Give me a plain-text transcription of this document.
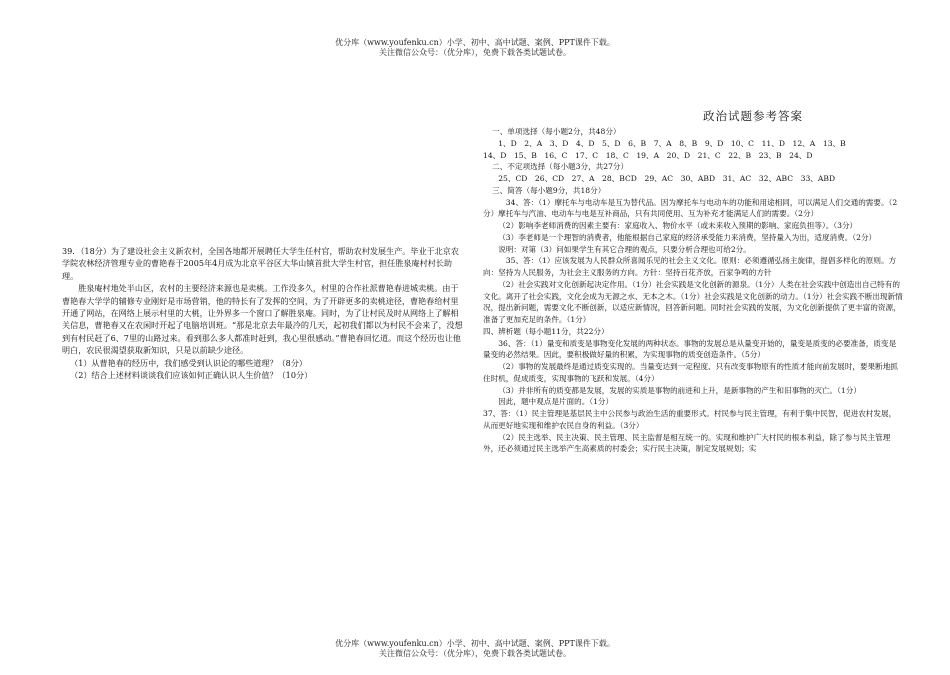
优分库（www.youfenku.cn）小学、初中、高中试题、案例、PPT课件下载。
关注微信公众号：（优分库），免费下载各类试题试卷。

39．（18分）为了建设社会主义新农村，全国各地都开展聘任大学生任村官，帮助农村发展生产。毕业于北京农学院农林经济管理专业的曹艳春于2005年4月成为北京平谷区大华山镇首批大学生村官，担任胜泉庵村村长助理。

胜泉庵村地处半山区，农村的主要经济来源也是卖桃。工作没多久，村里的合作社派曹艳春进城卖桃。由于曹艳春大学学的辅修专业刚好是市场营销，他的特长有了发挥的空间，为了开辟更多的卖桃途径，曹艳春给村里开通了网站，在网络上展示村里的大桃，让外界多一个窗口了解胜泉庵。同时，为了让村民及时从网络上了解相关信息，曹艳春又在农闲时开起了电脑培训班。“那是北京去年最冷的几天，起初我们都以为村民不会来了，没想到有村民赶了6、7里的山路过来。看到那么多人都准时赶到，我心里很感动。”曹艳春回忆道。而这个经历也让他明白，农民很渴望获取新知识，只是以前缺少途径。

（1）从曹艳春的经历中，我们感受到认识论的哪些道理？（8分）

（2）结合上述材料谈谈我们应该如何正确认识人生价值？（10分）

政治试题参考答案

一、单项选择（每小题2分，共48分）

1、D　2、A　3、D　4、D　5、D　6、B　7、A　8、B　9、D　10、C　11、D　12、A　13、B

14、D　15、B　16、C　17、C　18、C　19、A　20、D　21、C　22、B　23、B　24、D

二、不定项选择（每小题3分，共27分）

25、CD　26、CD　27、A　28、BCD　29、AC　30、ABD　31、AC　32、ABC　33、ABD

三、简答（每小题9分，共18分）

34、答：（1）摩托车与电动车是互为替代品。因为摩托车与电动车的功能和用途相同，可以满足人们交通的需要。（2分）摩托车与汽油、电动车与电是互补商品，只有共同使用、互为补充才能满足人们的需要。（2分）

（2）影响李老师消费的因素主要有：家庭收入、物价水平（或未来收入预期的影响、家庭负担等）。（3分）

（3）李老师是一个理智的消费者，他能根据自己家庭的经济承受能力来消费，坚持量入为出，适度消费。（2分）

说明：对第（3）问如果学生有其它合理的观点，只要分析合理也可给2分。

35、答：（1）应该发展为人民群众所喜闻乐见的社会主义文化。原则：必须遵循弘扬主旋律，提倡多样化的原则。方向：坚持为人民服务，为社会主义服务的方向。方针：坚持百花齐放，百家争鸣的方针

（2）社会实践对文化创新起决定作用。（1分）社会实践是文化创新的源泉。（1分）人类在社会实践中创造出自己特有的文化。离开了社会实践，文化会成为无源之水、无本之木。（1分）社会实践是文化创新的动力。（1分）社会实践不断出现新情况，提出新问题，需要文化不断创新，以适应新情况，回答新问题。同时社会实践的发展，为文化创新提供了更丰富的资源，准备了更加充足的条件。（1分）

四、辨析题（每小题11分，共22分）

36、答：（1）量变和质变是事物变化发展的两种状态。事物的发展总是从量变开始的，量变是质变的必要准备，质变是量变的必然结果。因此，要积极做好量的积累，为实现事物的质变创造条件。（5分）

（2）事物的发展最终是通过质变实现的。当量变达到一定程度、只有改变事物原有的性质才能向前发展时，要果断地抓住时机，促成质变，实现事物的飞跃和发展。（4分）

（3）并非所有的质变都是发展，发展的实质是事物的前进和上升，是新事物的产生和旧事物的灭亡。（1分）

因此，题中观点是片面的。（1分）

37、答：（1）民主管理是基层民主中公民参与政治生活的重要形式。村民参与民主管理，有利于集中民智，促进农村发展，从而更好地实现和维护农民自身的利益。（3分）

（2）民主选举、民主决策、民主管理、民主监督是相互统一的。实现和维护广大村民的根本利益，除了参与民主管理外，还必须通过民主选举产生高素质的村委会；实行民主决策，制定发展规划；实

优分库（www.youfenku.cn）小学、初中、高中试题、案例、PPT课件下载。
关注微信公众号：（优分库），免费下载各类试题试卷。
